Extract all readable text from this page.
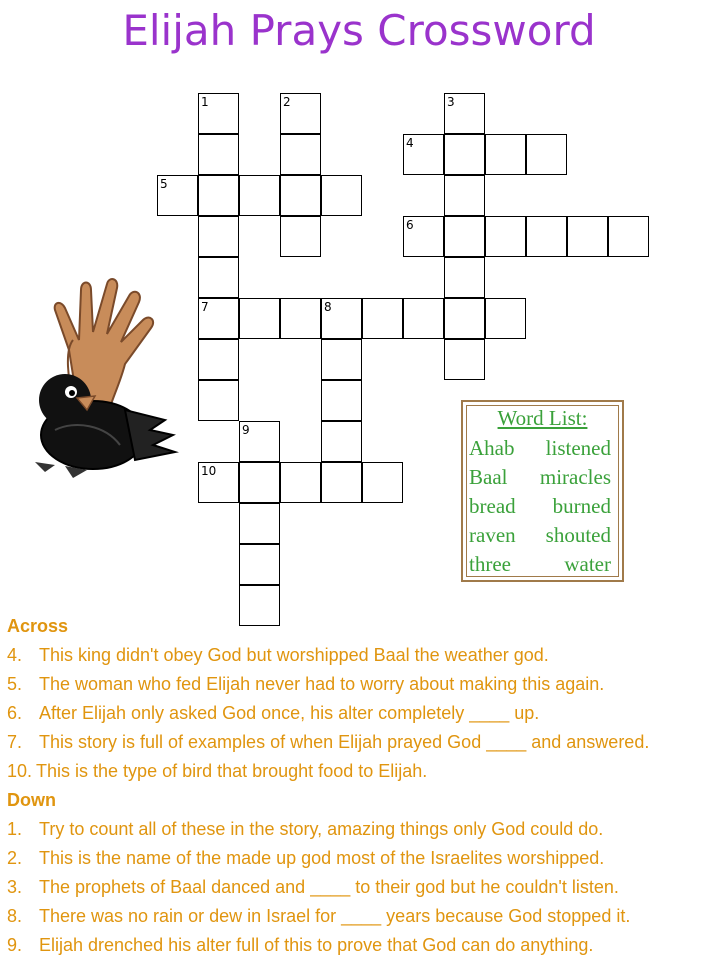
Elijah Prays Crossword
1
7
2	3
4
5
6
8
9
10
Word List:
Ahab listened
Baal miracles
bread burned
raven shouted
three	water
Across
4. This king didn't obey God but worshipped Baal the weather god.
5. The woman who fed Elijah never had to worry about making this again.
6. After Elijah only asked God once, his alter completely ____ up.
7. This story is full of examples of when Elijah prayed God ____ and answered.
10. This is the type of bird that brought food to Elijah.
Down
1. Try to count all of these in the story, amazing things only God could do.
2. This is the name of the made up god most of the Israelites worshipped.
3. The prophets of Baal danced and ____ to their god but he couldn't listen.
8. There was no rain or dew in Israel for ____ years because God stopped it.
9. Elijah drenched his alter full of this to prove that God can do anything.
